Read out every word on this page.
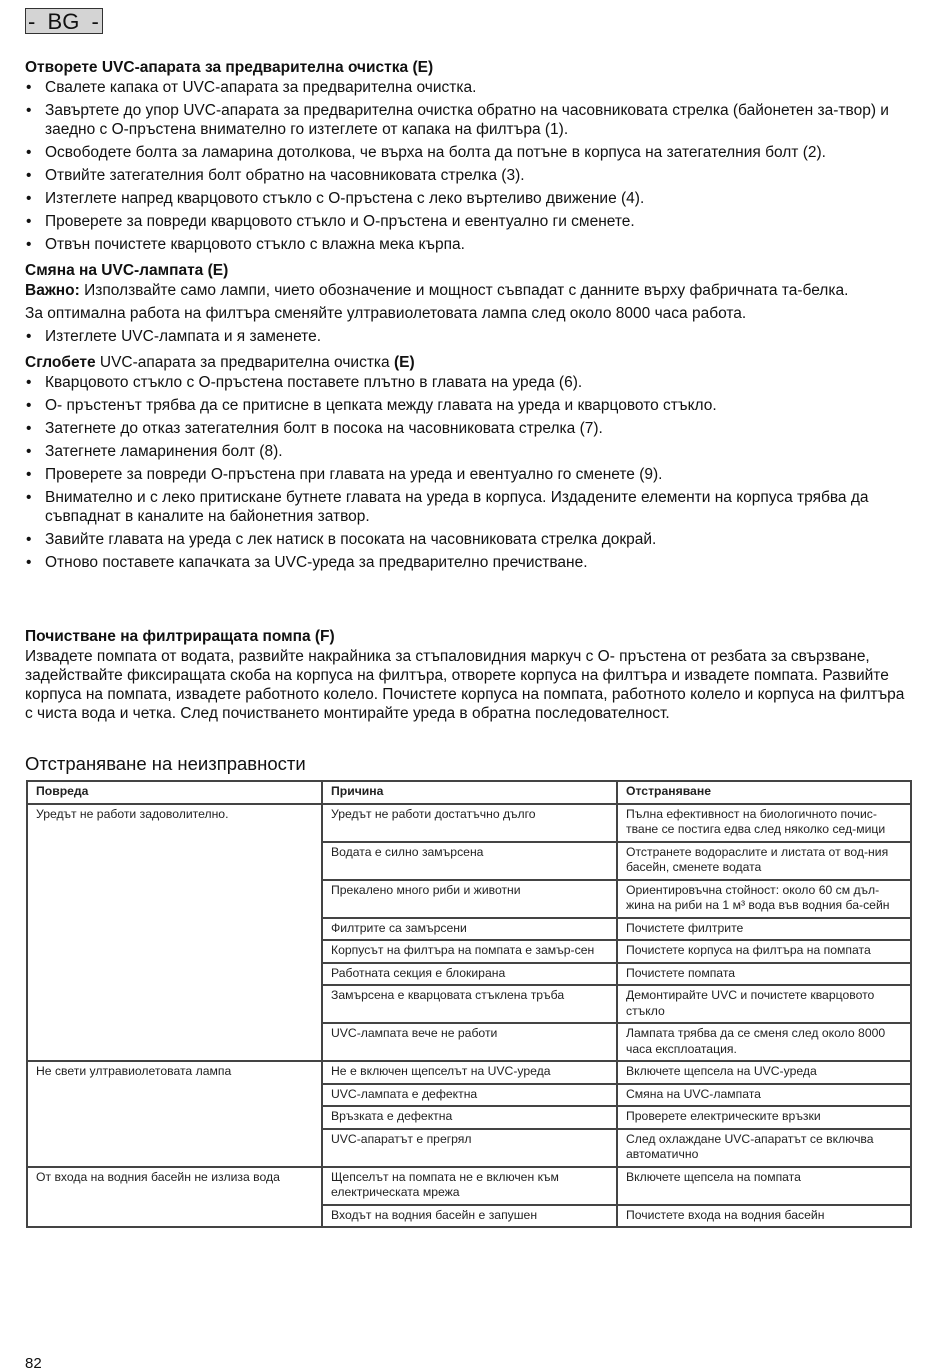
-  BG  -
Отворете UVC-апарата за предварителна очистка (E)
• Свалете капака от UVC-апарата за предварителна очистка.
• Завъртете до упор UVC-апарата за предварителна очистка обратно на часовниковата стрелка (байонетен за-твор) и заедно с О-пръстена внимателно го изтеглете от капака на филтъра (1).
• Освободете болта за ламарина дотолкова, че върха на болта да потъне в корпуса на затегателния болт (2).
• Отвийте затегателния болт обратно на часовниковата стрелка (3).
• Изтеглете напред кварцовото стъкло с О-пръстена с леко въртеливо движение (4).
• Проверете за повреди кварцовото стъкло и О-пръстена и евентуално ги сменете.
• Отвън почистете кварцовото стъкло с влажна мека кърпа.
Смяна на UVC-лампата (E)

Важно: Използвайте само лампи, чието обозначение и мощност съвпадат с данните върху фабричната та-белка.

За оптимална работа на филтъра сменяйте ултравиолетовата лампа след около 8000 часа работа.

• Изтеглете UVC-лампата и я заменете.
Сглобете UVC-апарата за предварителна очистка (E)
• Кварцовото стъкло с О-пръстена поставете плътно в главата на уреда (6).
• О- пръстенът трябва да се притисне в цепката между главата на уреда и кварцовото стъкло.
• Затегнете до отказ затегателния болт в посока на часовниковата стрелка (7).
• Затегнете ламаринения болт (8).
• Проверете за повреди О-пръстена при главата на уреда и евентуално го сменете (9).
• Внимателно и с леко притискане бутнете главата на уреда в корпуса. Издадените елементи на корпуса трябва да съвпаднат в каналите на байонетния затвор.
• Завийте главата на уреда с лек натиск в посоката на часовниковата стрелка докрай.
• Отново поставете капачката за UVC-уреда за предварително пречистване.
Почистване на филтриращата помпа (F)

Извадете помпата от водата, развийте накрайника за стъпаловидния маркуч с О- пръстена от резбата за свързване, задействайте фиксиращата скоба на корпуса на филтъра, отворете корпуса на филтъра и извадете помпата. Развийте корпуса на помпата, извадете работното колело. Почистете корпуса на помпата, работното колело и корпуса на филтъра с чиста вода и четка. След почистването монтирайте уреда в обратна последователност.

Отстраняване на неизправности
Повреда	Причина	Отстраняване
Уредът не работи задоволително.	Уредът не работи достатъчно дълго	Пълна ефективност на биологичното почис-тване се постига едва след няколко сед-мици
	Водата е силно замърсена	Отстранете водораслите и листата от вод-ния басейн, сменете водата
	Прекалено много риби и животни	Ориентировъчна стойност: около 60 см дъл-жина на риби на 1 м³ вода във водния ба-сейн
	Филтрите са замърсени	Почистете филтрите
	Корпусът на филтъра на помпата е замър-сен	Почистете корпуса на филтъра на помпата
	Работната секция е блокирана	Почистете помпата
	Замърсена е кварцовата стъклена тръба	Демонтирайте UVC и почистете кварцовото стъкло
	UVC-лампата вече не работи	Лампата трябва да се сменя след около 8000 часа експлоатация.
Не свети ултравиолетовата лампа	Не е включен щепселът на UVC-уреда	Включете щепсела на UVC-уреда
	UVC-лампата е дефектна	Смяна на UVC-лампата
	Връзката е дефектна	Проверете електрическите връзки
	UVC-апаратът е прегрял	След охлаждане UVC-апаратът се включва автоматично
От входа на водния басейн не излиза вода	Щепселът на помпата не е включен към електрическата мрежа	Включете щепсела на помпата
	Входът на водния басейн е запушен	Почистете входа на водния басейн
82
